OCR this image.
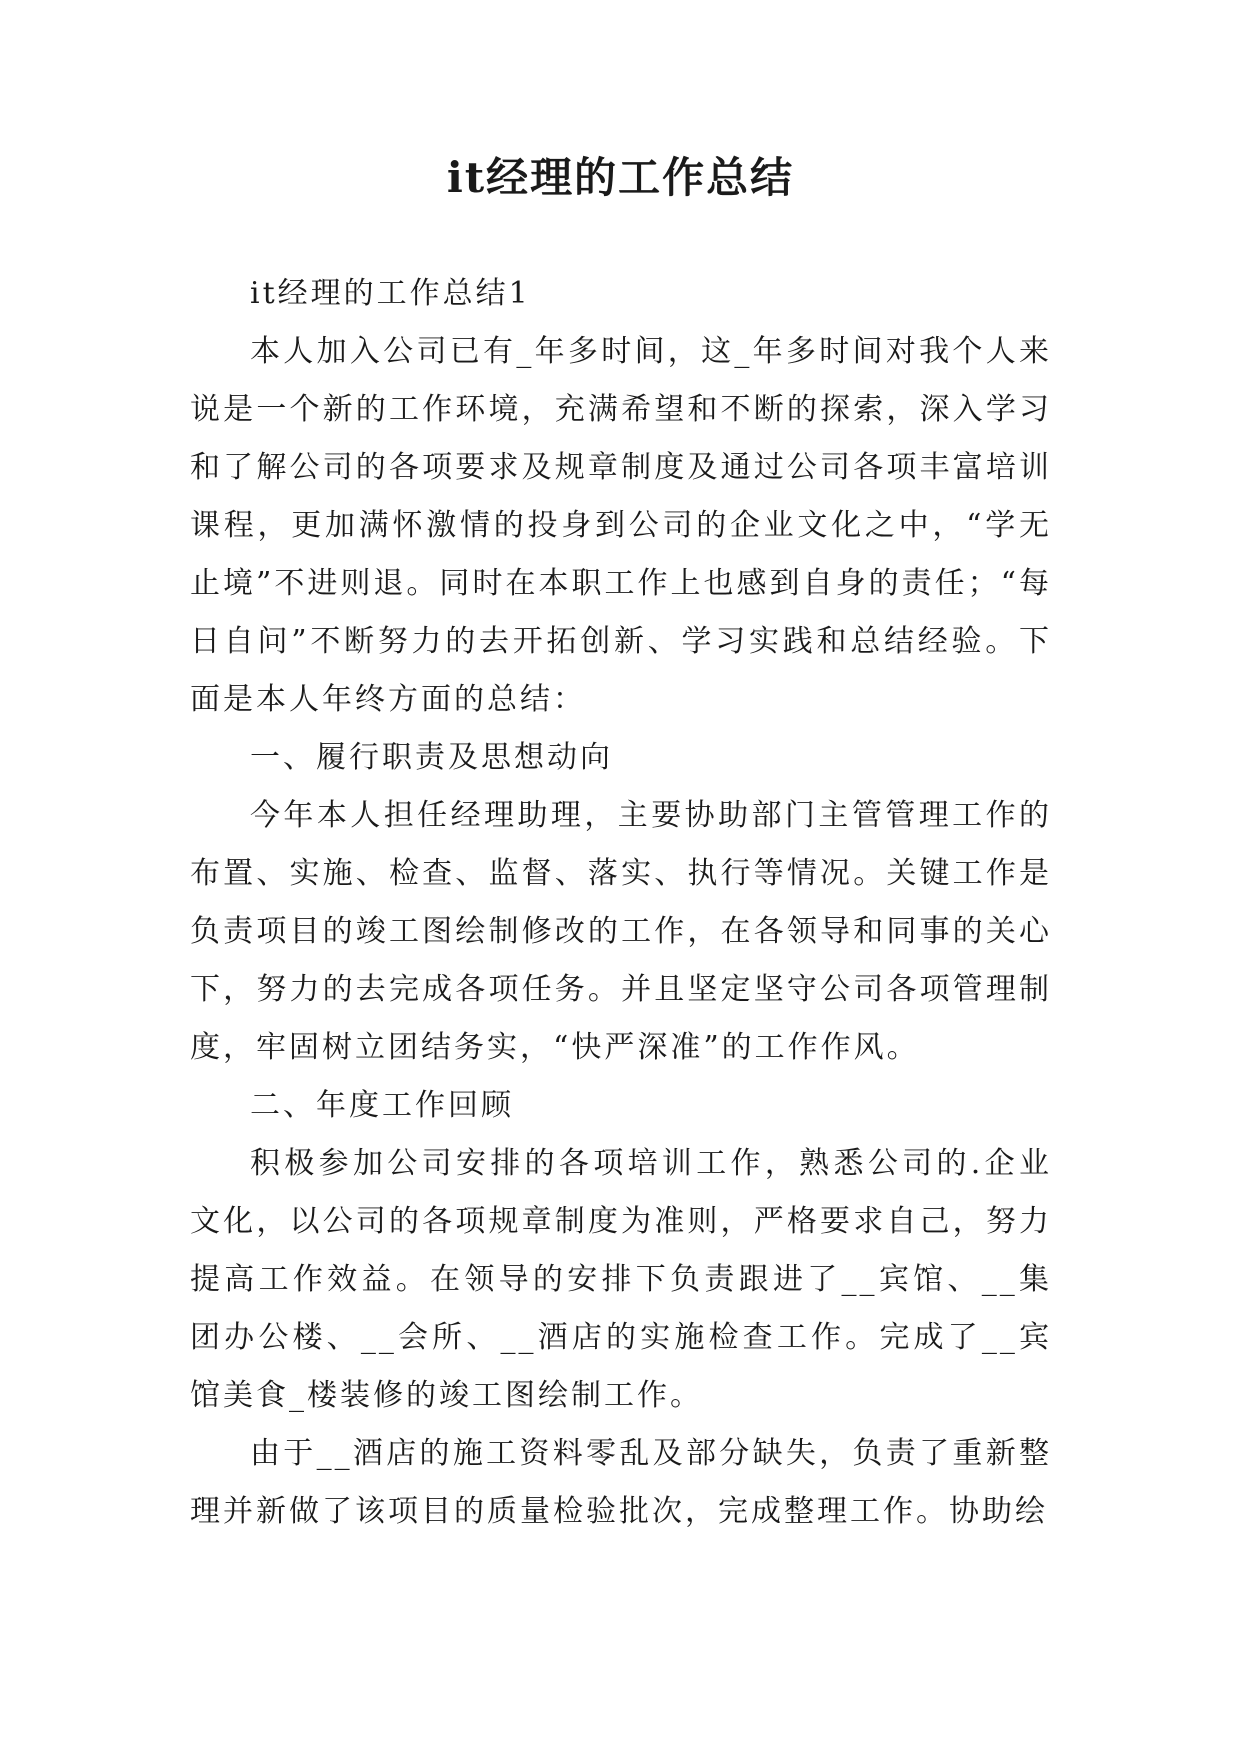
it经理的工作总结

it经理的工作总结1

本人加入公司已有_年多时间，这_年多时间对我个人来说是一个新的工作环境，充满希望和不断的探索，深入学习和了解公司的各项要求及规章制度及通过公司各项丰富培训课程，更加满怀激情的投身到公司的企业文化之中，“学无止境”不进则退。同时在本职工作上也感到自身的责任；“每日自问”不断努力的去开拓创新、学习实践和总结经验。下面是本人年终方面的总结：

一、履行职责及思想动向

今年本人担任经理助理，主要协助部门主管管理工作的布置、实施、检查、监督、落实、执行等情况。关键工作是负责项目的竣工图绘制修改的工作，在各领导和同事的关心下，努力的去完成各项任务。并且坚定坚守公司各项管理制度，牢固树立团结务实，“快严深准”的工作作风。

二、年度工作回顾

积极参加公司安排的各项培训工作，熟悉公司的.企业文化，以公司的各项规章制度为准则，严格要求自己，努力提高工作效益。在领导的安排下负责跟进了__宾馆、__集团办公楼、__会所、__酒店的实施检查工作。完成了__宾馆美食_楼装修的竣工图绘制工作。

由于__酒店的施工资料零乱及部分缺失，负责了重新整理并新做了该项目的质量检验批次，完成整理工作。协助绘
